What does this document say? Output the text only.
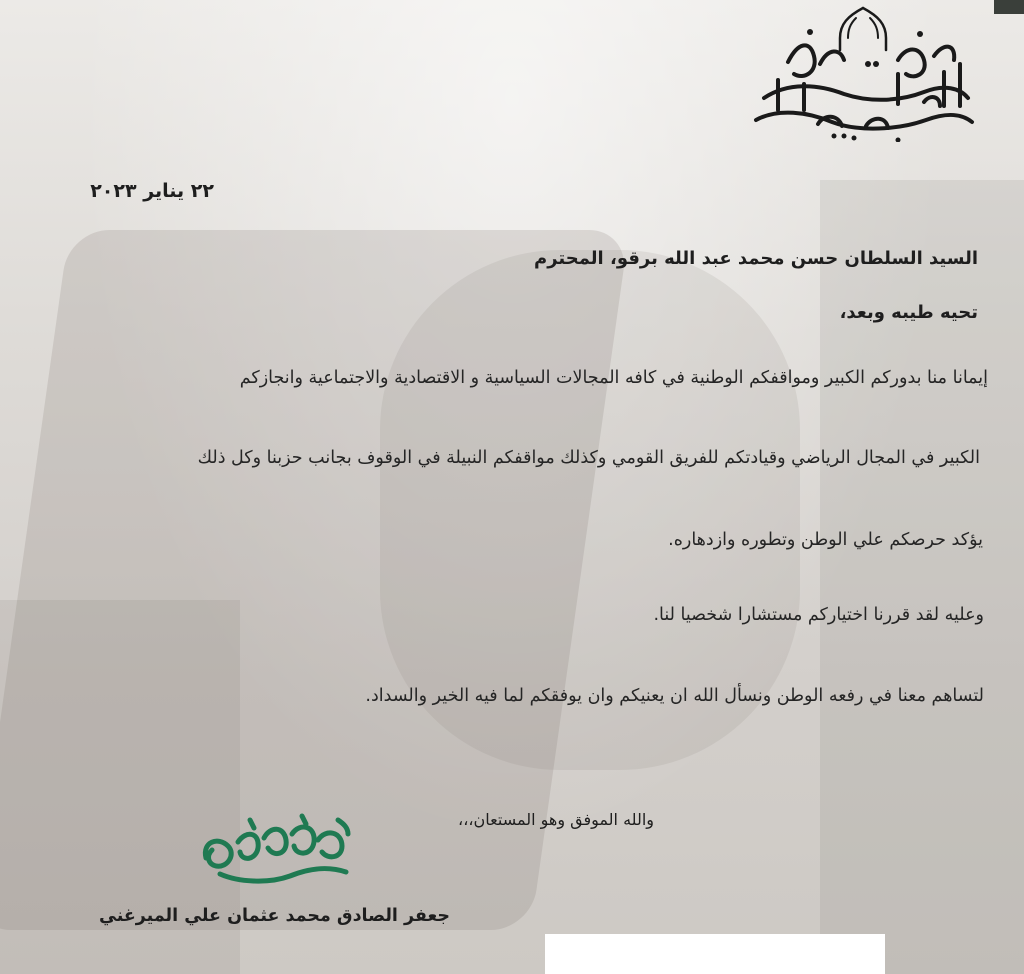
٢٢ يناير ٢٠٢٣
السيد السلطان حسن محمد عبد الله برقو، المحترم
تحيه طيبه وبعد،
إيمانا منا بدوركم الكبير ومواقفكم الوطنية في كافه المجالات السياسية و الاقتصادية والاجتماعية وانجازكم
الكبير في المجال الرياضي وقيادتكم للفريق القومي وكذلك مواقفكم النبيلة في الوقوف بجانب حزبنا وكل ذلك
يؤكد حرصكم علي الوطن وتطوره وازدهاره.
وعليه لقد قررنا اختياركم مستشارا شخصيا لنا.
لتساهم معنا في رفعه الوطن ونسأل الله ان يعنيكم وان يوفقكم لما فيه الخير والسداد.
والله الموفق وهو المستعان،،،
جعفر الصادق محمد عثمان علي الميرغني
